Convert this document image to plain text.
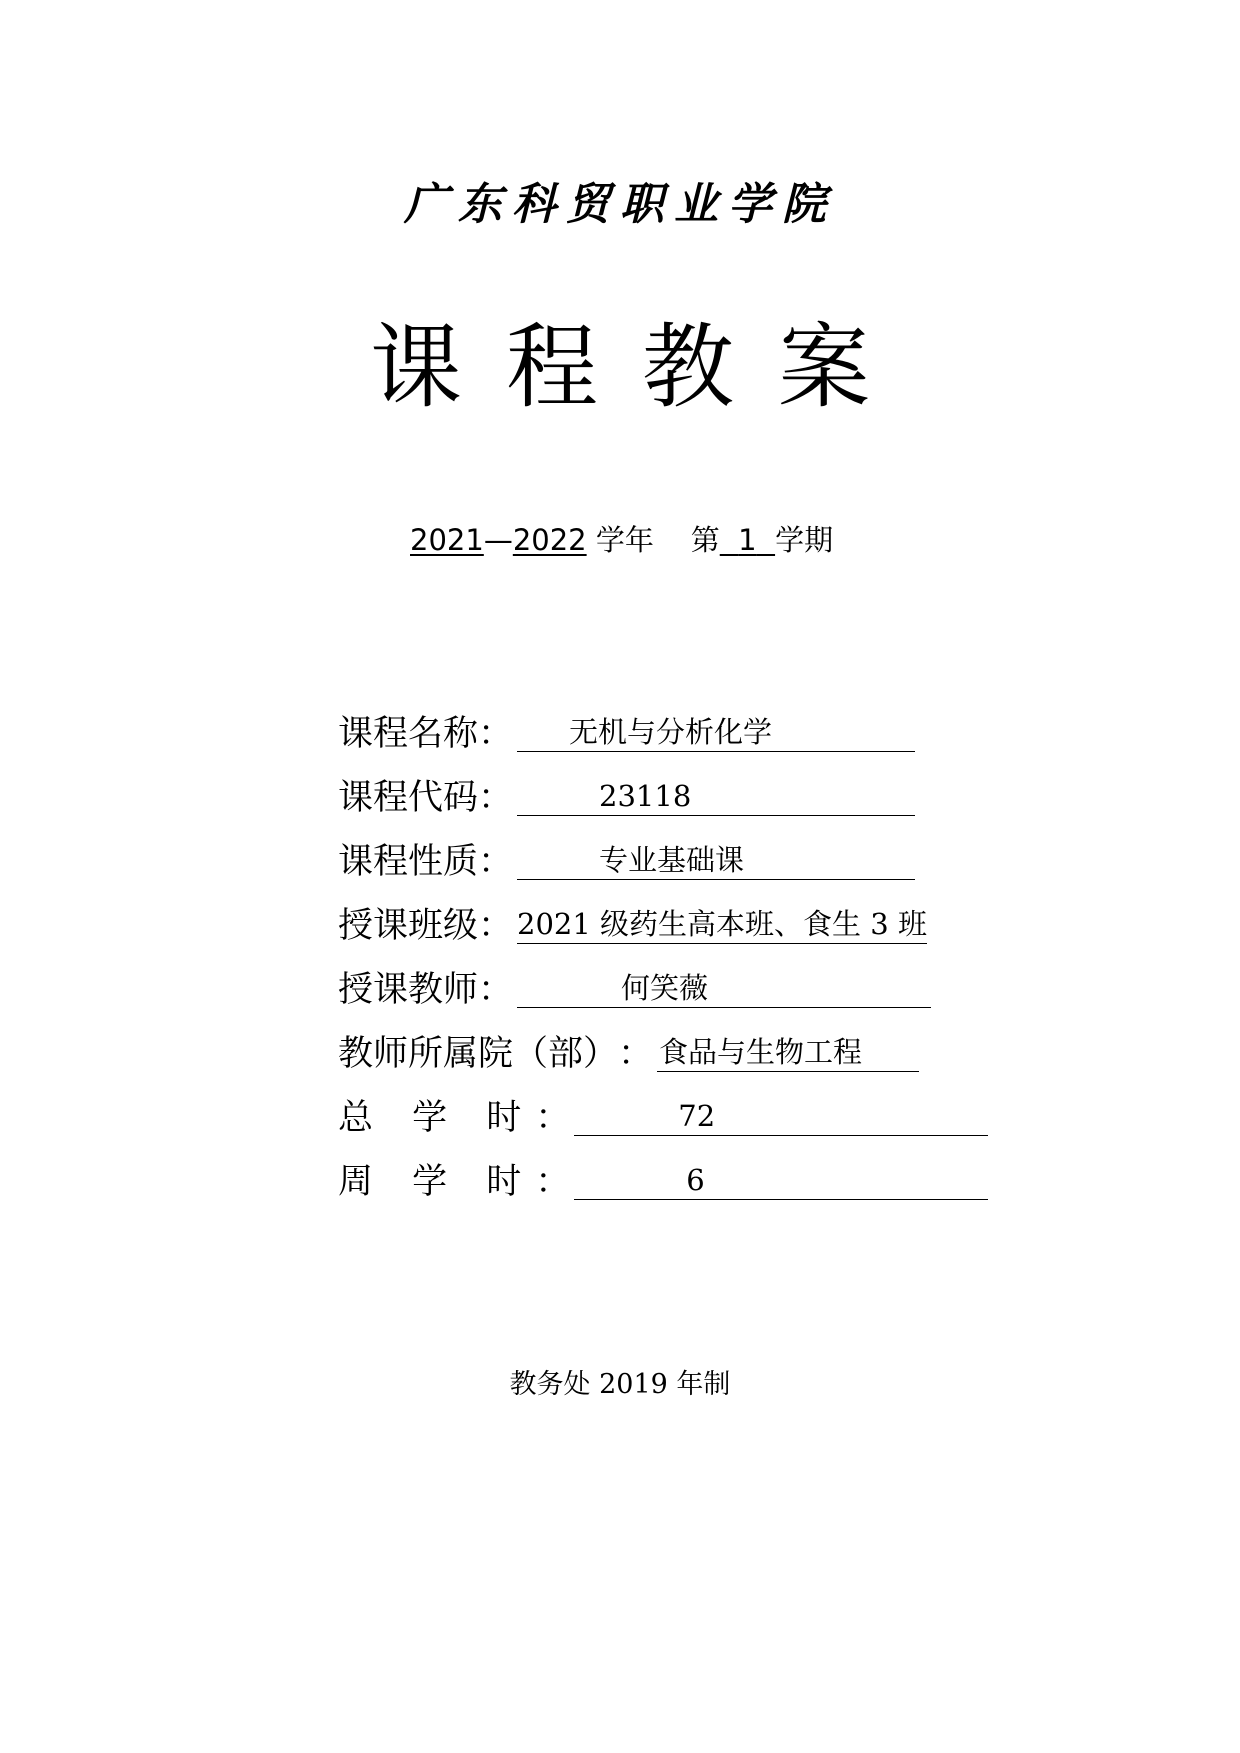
广东科贸职业学院
课程教案
2021—2022 学年 第 1 学期
课程名称 ：	无机与分析化学
课程代码 ：	23118
课程性质 ：	专业基础课
授课班级 ： 2021 级药生高本班、食生 3 班
授课教师 ：	何笑薇
教师所属院（部） ： 食品与生物工程
总 学 时 ：	72
周 学 时 ：	6
教务处 2019 年制
